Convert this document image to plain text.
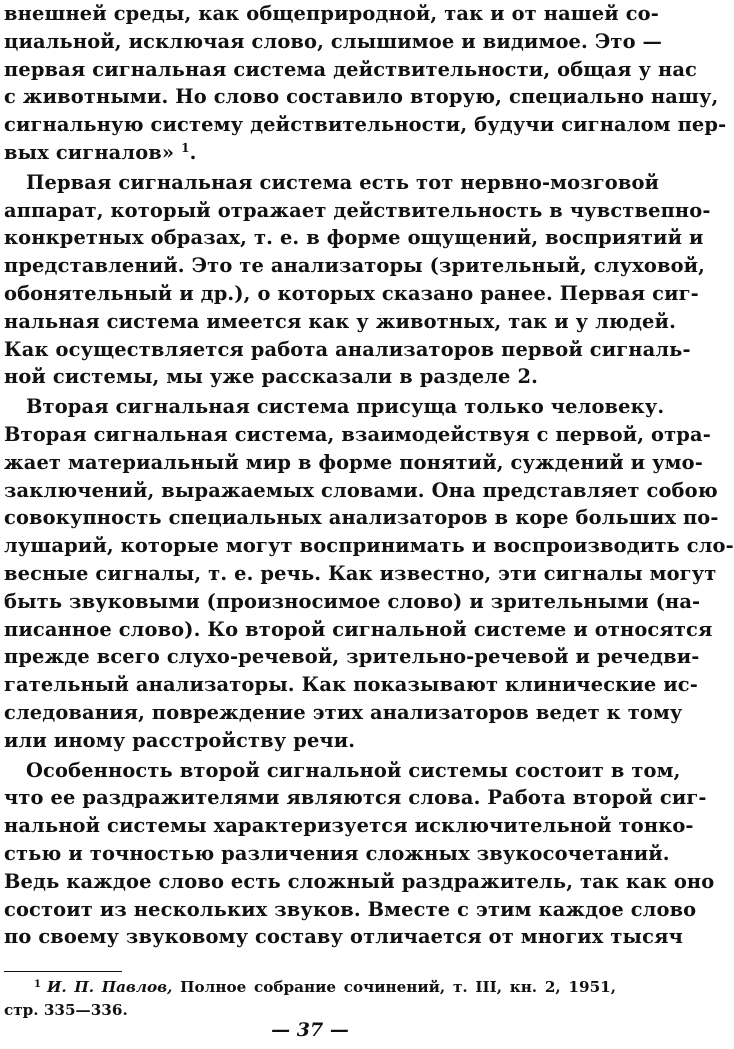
внешней среды, как общеприродной, так и от нашей со-
циальной, исключая слово, слышимое и видимое. Это —
первая сигнальная система действительности, общая у нас
с животными. Но слово составило вторую, специально нашу,
сигнальную систему действительности, будучи сигналом пер-
вых сигналов» $^1$.
Первая сигнальная система есть тот нервно-мозговой
аппарат, который отражает действительность в чувствепно-
конкретных образах, т. е. в форме ощущений, восприятий и
представлений. Это те анализаторы (зрительный, слуховой,
обонятельный и др.), о которых сказано ранее. Первая сиг-
нальная система имеется как у животных, так и у людей.
Как осуществляется работа анализаторов первой сигналь-
ной системы, мы уже рассказали в разделе 2.
Вторая сигнальная система присуща только человеку.
Вторая сигнальная система, взаимодействуя с первой, отра-
жает материальный мир в форме понятий, суждений и умо-
заключений, выражаемых словами. Она представляет собою
совокупность специальных анализаторов в коре больших по-
лушарий, которые могут воспринимать и воспроизводить сло-
весные сигналы, т. е. речь. Как известно, эти сигналы могут
быть звуковыми (произносимое слово) и зрительными (на-
писанное слово). Ко второй сигнальной системе и относятся
прежде всего слухо-речевой, зрительно-речевой и речедви-
гательный анализаторы. Как показывают клинические ис-
следования, повреждение этих анализаторов ведет к тому
или иному расстройству речи.
Особенность второй сигнальной системы состоит в том,
что ее раздражителями являются слова. Работа второй сиг-
нальной системы характеризуется исключительной тонко-
стью и точностью различения сложных звукосочетаний.
Ведь каждое слово есть сложный раздражитель, так как оно
состоит из нескольких звуков. Вместе с этим каждое слово
по своему звуковому составу отличается от многих тысяч
$^1$ И. П. Павлов, Полное собрание сочинений, т. III, кн. 2, 1951,
стр. 335—336.
— 37 —
